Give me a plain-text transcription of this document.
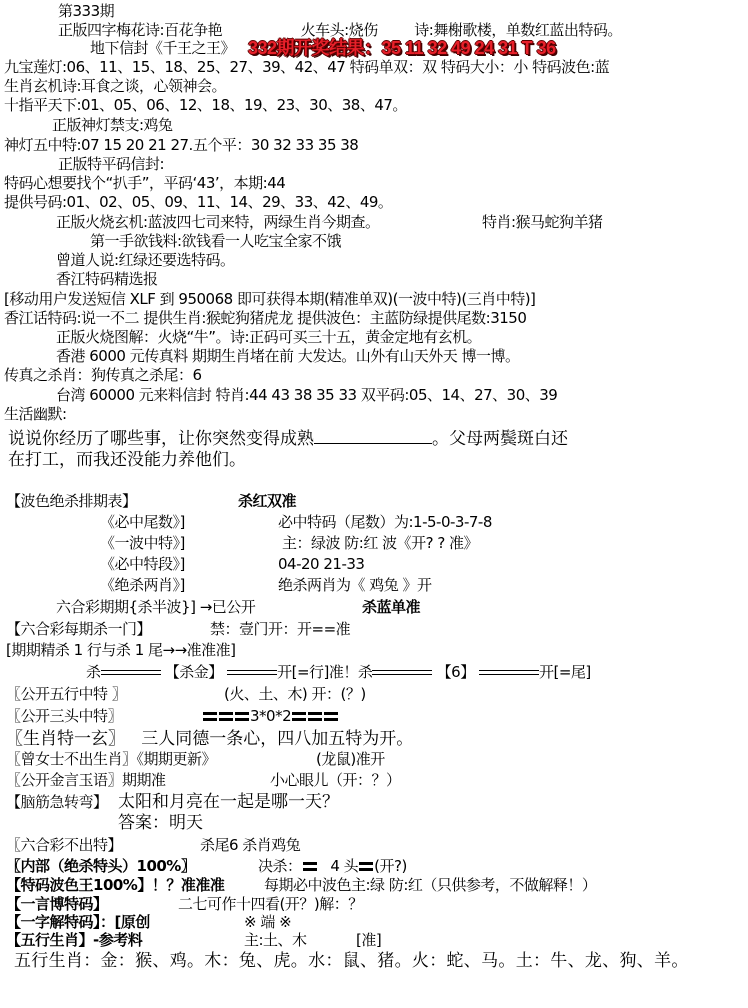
第333期
正版四字梅花诗:百花争艳	火车头:烧伤 诗:舞榭歌楼，单数红蓝出特码。
地下信封《千王之王》 332期开奖结果：35 11 32 49 24 31 T 36
九宝莲灯:06、11、15、18、25、27、39、42、47 特码单双：双 特码大小：小 特码波色:蓝
生肖玄机诗:耳食之谈，心领神会。
十指平天下:01、05、06、12、18、19、23、30、38、47。
正版神灯禁支:鸡兔
神灯五中特:07 15 20 21 27.五个平：30 32 33 35 38
正版特平码信封:
特码心想要找个“扒手”，平码‘43’，本期:44
提供号码:01、02、05、09、11、14、29、33、42、49。
正版火烧玄机:蓝波四七司来特，两绿生肖今期查。	特肖:猴马蛇狗羊猪
第一手欲钱料:欲钱看一人吃宝全家不饿
曾道人说:红绿还要选特码。
香江特码精选报
[移动用户发送短信 XLF 到 950068 即可获得本期(精准单双)(一波中特)(三肖中特)]
香江话特码:说一不二 提供生肖:猴蛇狗猪虎龙 提供波色：主蓝防绿提供尾数:3150
正版火烧图解：火烧“牛”。诗:正码可买三十五，黄金定地有玄机。
香港 6000 元传真料 期期生肖堵在前 大发达。山外有山天外天 博一博。
传真之杀肖：狗传真之杀尾：6
台湾 60000 元来料信封 特肖:44 43 38 35 33 双平码:05、14、27、30、39
生活幽默:
说说你经历了哪些事，让你突然变得成熟	。父母两鬓斑白还
在打工，而我还没能力养他们。
【波色绝杀排期表】	杀红双准
《必中尾数》]	必中特码（尾数）为:1-5-0-3-7-8
《一波中特》]	主：绿波 防:红 波《开? ? 准》
《必中特段》]	04-20 21-33
《绝杀两肖》]	绝杀两肖为《 鸡兔 》开
六合彩期期{杀半波}] →已公开	杀蓝单准
【六合彩每期杀一门】	禁：壹门开：开==准
[期期精杀 1 行与杀 1 尾→→准准准]
杀	【杀金】	开[=行]准！杀	【6】	开[=尾]
〖公开五行中特 〗	(火、土、木) 开：(？)
〖公开三头中特〗	3*0*2
〖生肖特一玄〗 三人同德一条心，四八加五特为开。
〖曾女士不出生肖〗《期期更新》	(龙鼠)准开
〖公开金言玉语〗期期准	小心眼儿（开：？）
【脑筋急转弯】 太阳和月亮在一起是哪一天？
答案：明天
〖六合彩不出特】	杀尾6 杀肖鸡兔
〖内部（绝杀特头）100%〗	决杀： 4 头 (开?)
【特码波色王100%】！？准准准	每期必中波色主:绿 防:红（只供参考，不做解释！）
【一言博特码】	二七可作十四看(开？)解：？
【一字解特码】：[原创	※ 端 ※
【五行生肖】-参考料	主:土、木	[准]
五行生肖：金：猴、鸡。木：兔、虎。水：鼠、猪。火：蛇、马。土：牛、龙、狗、羊。
